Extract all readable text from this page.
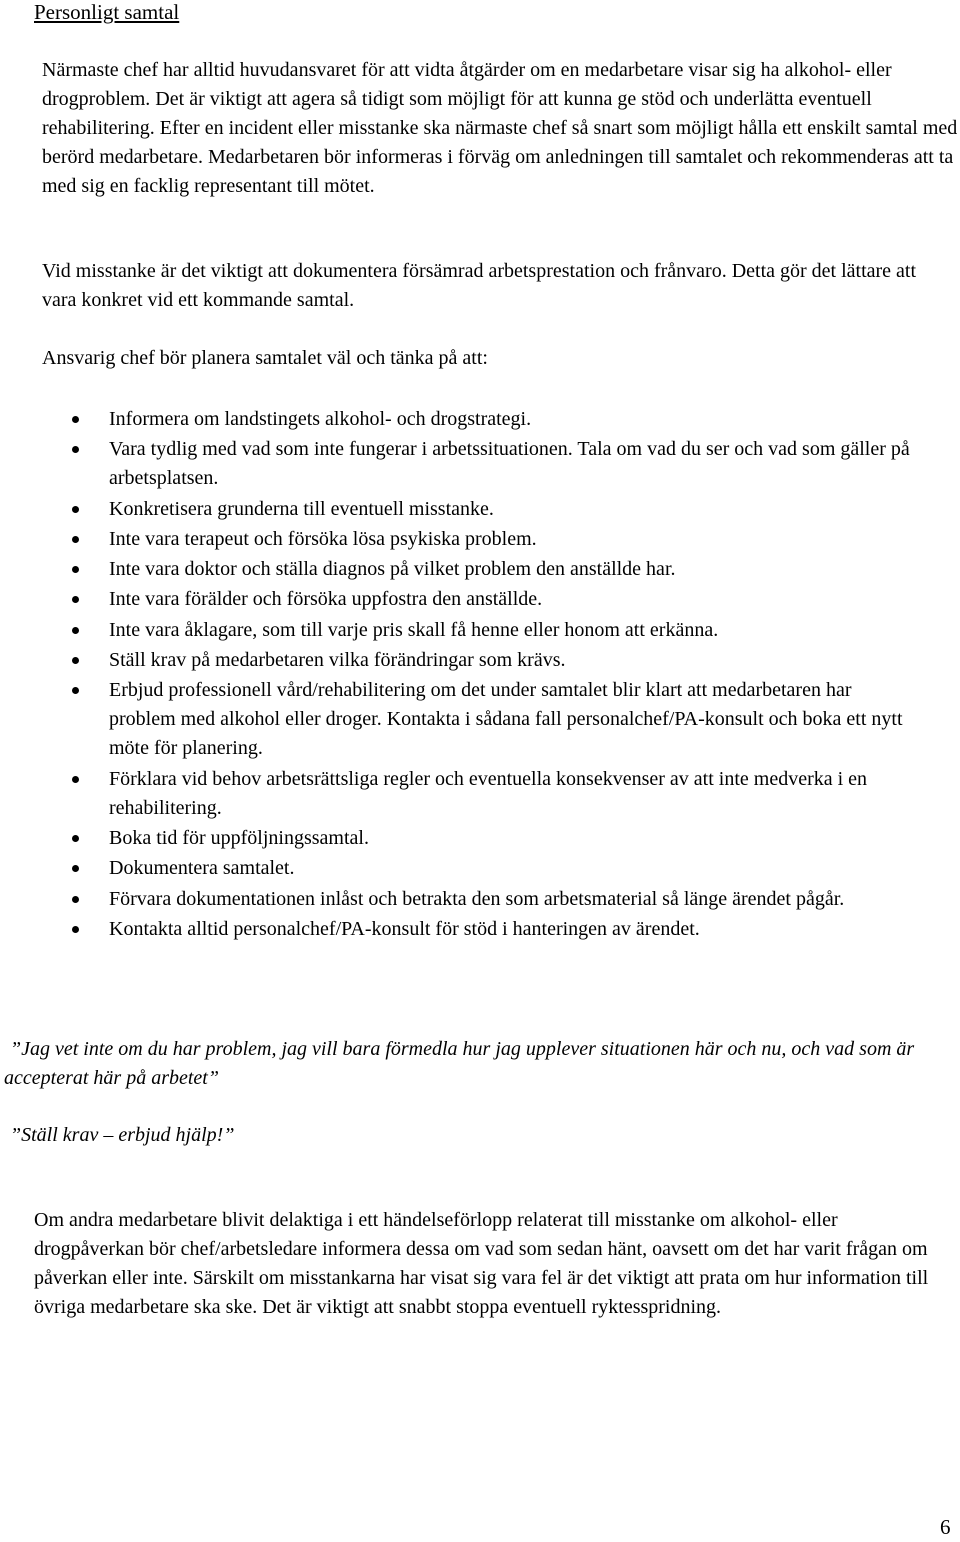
Personligt samtal

Närmaste chef har alltid huvudansvaret för att vidta åtgärder om en medarbetare visar sig ha alkohol- eller drogproblem. Det är viktigt att agera så tidigt som möjligt för att kunna ge stöd och underlätta eventuell rehabilitering. Efter en incident eller misstanke ska närmaste chef så snart som möjligt hålla ett enskilt samtal med berörd medarbetare. Medarbetaren bör informeras i förväg om anledningen till samtalet och rekommenderas att ta med sig en facklig representant till mötet.

Vid misstanke är det viktigt att dokumentera försämrad arbetsprestation och frånvaro. Detta gör det lättare att vara konkret vid ett kommande samtal.

Ansvarig chef bör planera samtalet väl och tänka på att:

Informera om landstingets alkohol- och drogstrategi.
Vara tydlig med vad som inte fungerar i arbetssituationen. Tala om vad du ser och vad som gäller på arbetsplatsen.
Konkretisera grunderna till eventuell misstanke.
Inte vara terapeut och försöka lösa psykiska problem.
Inte vara doktor och ställa diagnos på vilket problem den anställde har.
Inte vara förälder och försöka uppfostra den anställde.
Inte vara åklagare, som till varje pris skall få henne eller honom att erkänna.
Ställ krav på medarbetaren vilka förändringar som krävs.
Erbjud professionell vård/rehabilitering om det under samtalet blir klart att medarbetaren har problem med alkohol eller droger. Kontakta i sådana fall personalchef/PA-konsult och boka ett nytt möte för planering.
Förklara vid behov arbetsrättsliga regler och eventuella konsekvenser av att inte medverka i en rehabilitering.
Boka tid för uppföljningssamtal.
Dokumentera samtalet.
Förvara dokumentationen inlåst och betrakta den som arbetsmaterial så länge ärendet pågår.
Kontakta alltid personalchef/PA-konsult för stöd i hanteringen av ärendet.

”Jag vet inte om du har problem, jag vill bara förmedla hur jag upplever situationen här och nu, och vad som är accepterat här på arbetet”

”Ställ krav – erbjud hjälp!”

Om andra medarbetare blivit delaktiga i ett händelseförlopp relaterat till misstanke om alkohol- eller drogpåverkan bör chef/arbetsledare informera dessa om vad som sedan hänt, oavsett om det har varit frågan om påverkan eller inte. Särskilt om misstankarna har visat sig vara fel är det viktigt att prata om hur information till övriga medarbetare ska ske. Det är viktigt att snabbt stoppa eventuell ryktesspridning.

6
